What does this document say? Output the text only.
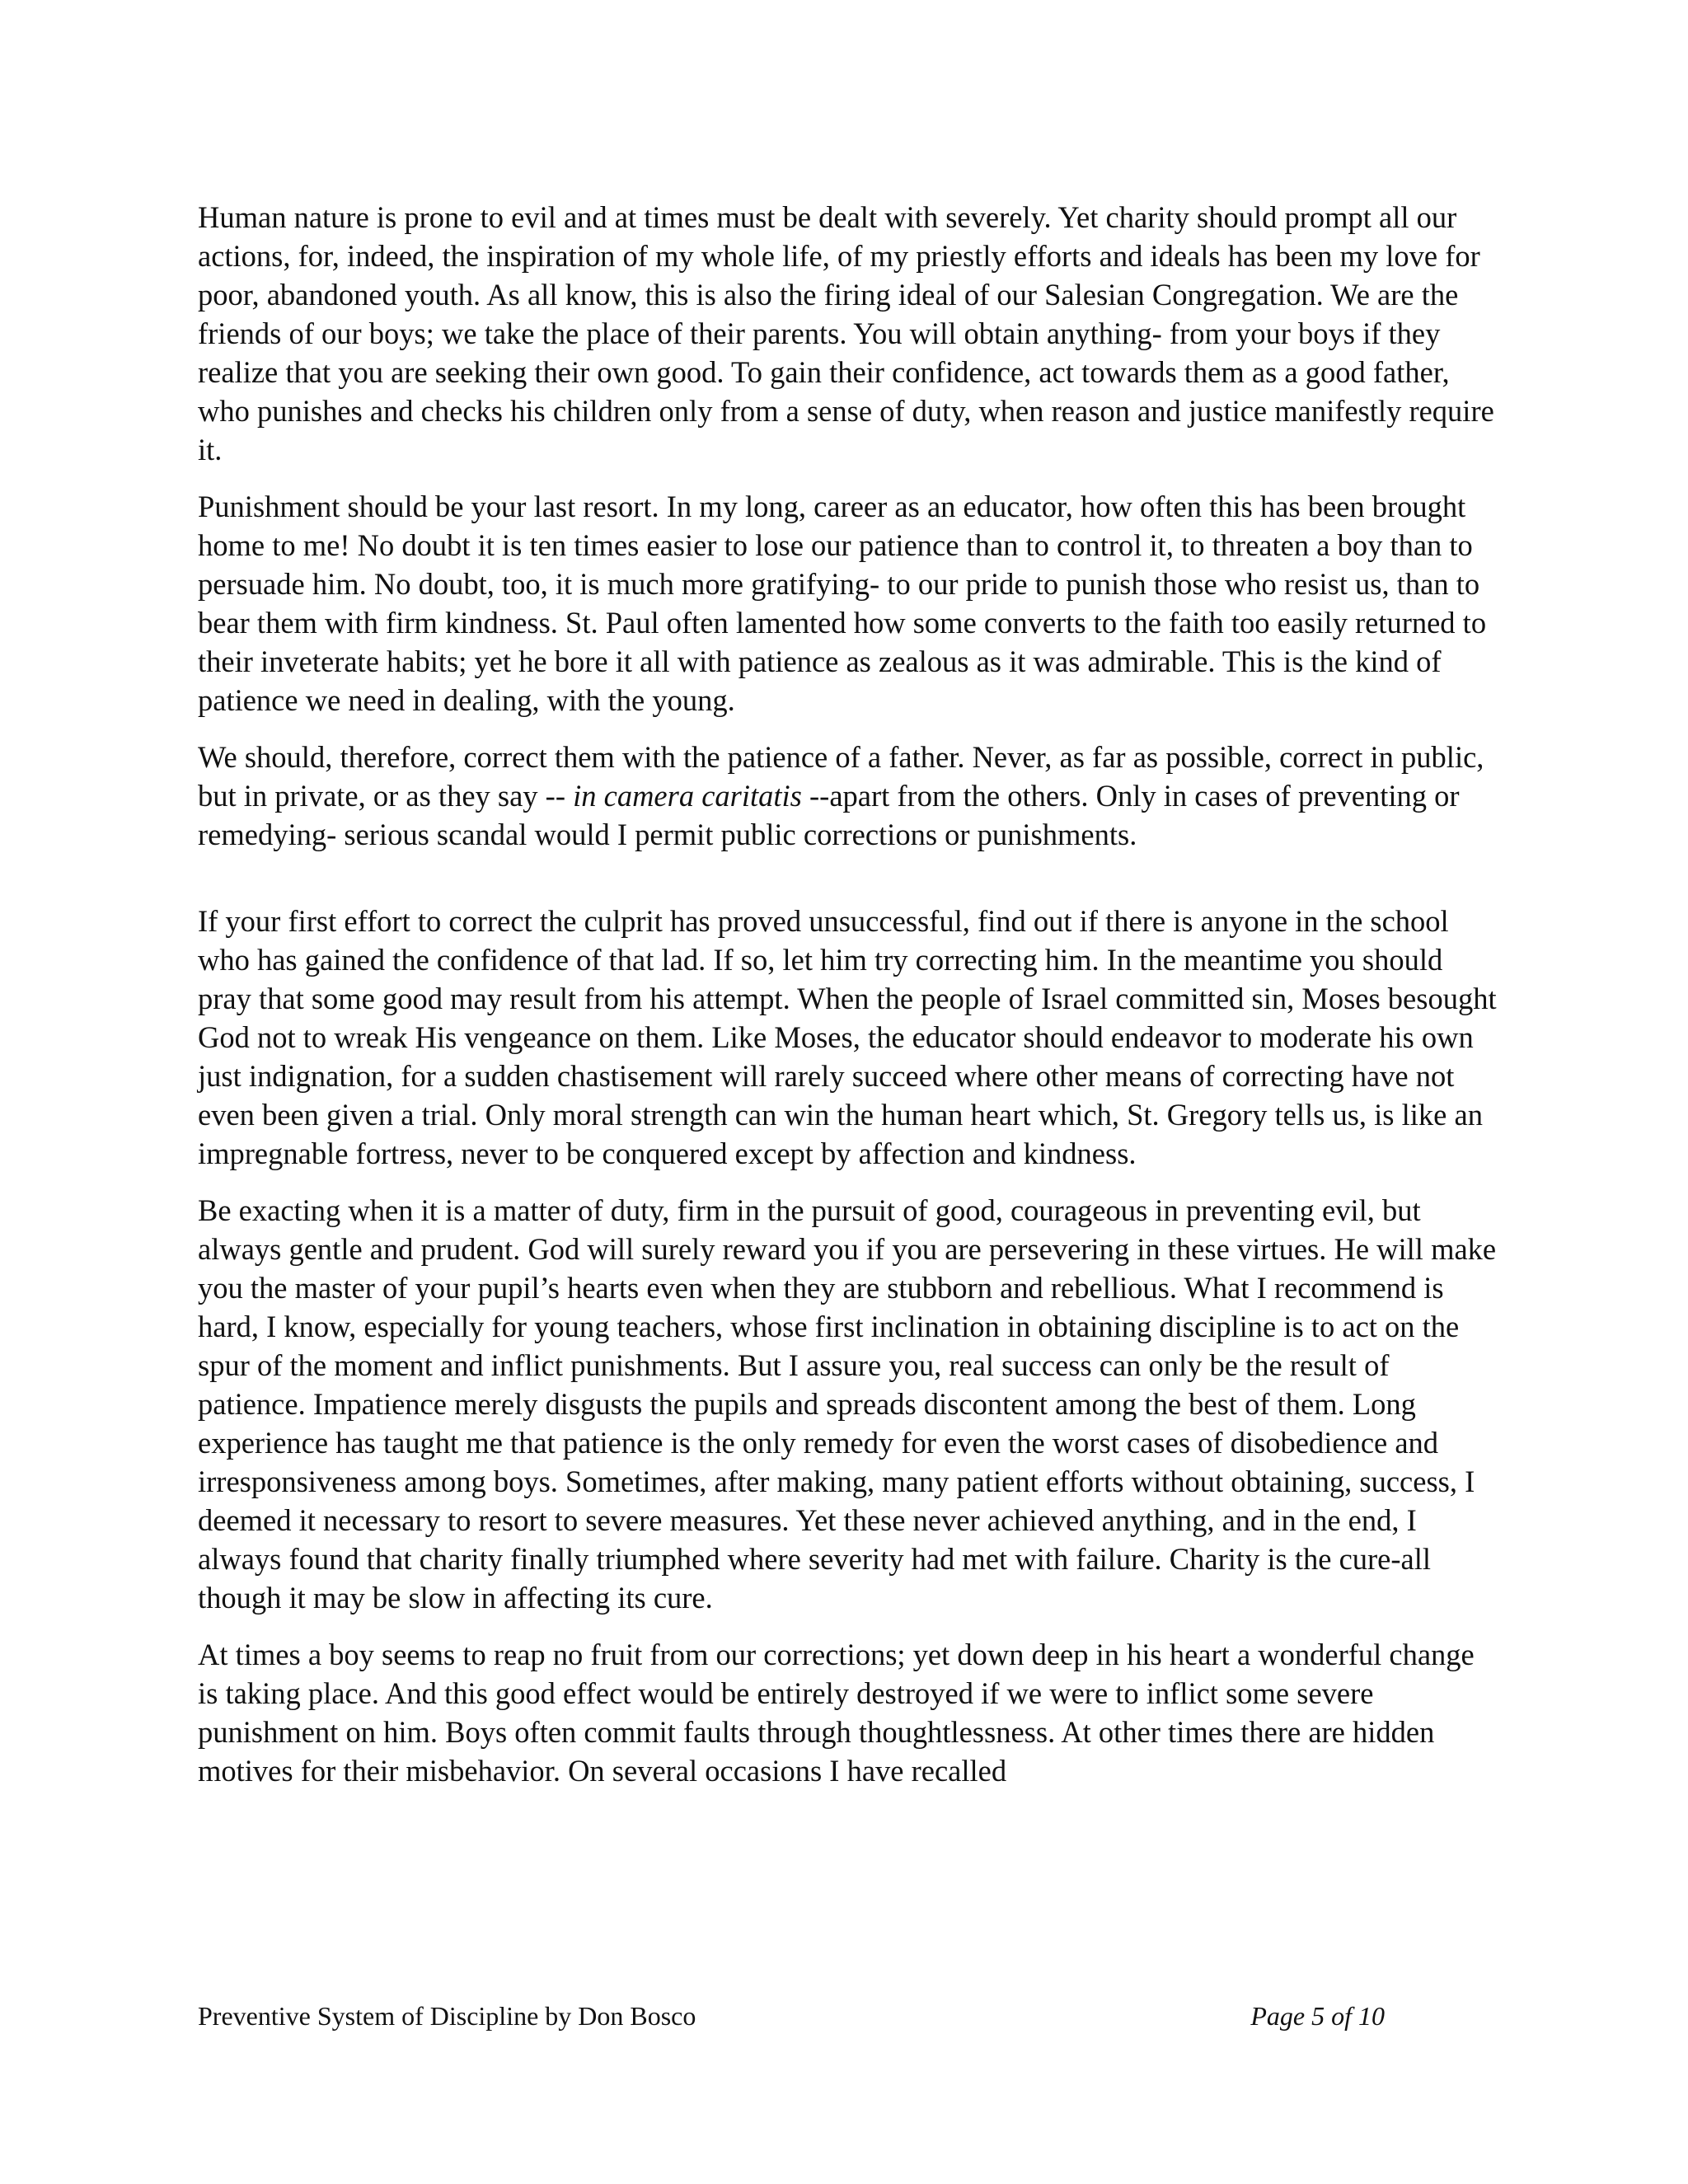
Human nature is prone to evil and at times must be dealt with severely. Yet charity should prompt all our actions, for, indeed, the inspiration of my whole life, of my priestly efforts and ideals has been my love for poor, abandoned youth. As all know, this is also the firing ideal of our Salesian Congregation. We are the friends of our boys; we take the place of their parents. You will obtain anything- from your boys if they realize that you are seeking their own good. To gain their confidence, act towards them as a good father, who punishes and checks his children only from a sense of duty, when reason and justice manifestly require it.

Punishment should be your last resort. In my long, career as an educator, how often this has been brought home to me! No doubt it is ten times easier to lose our patience than to control it, to threaten a boy than to persuade him. No doubt, too, it is much more gratifying- to our pride to punish those who resist us, than to bear them with firm kindness. St. Paul often lamented how some converts to the faith too easily returned to their inveterate habits; yet he bore it all with patience as zealous as it was admirable. This is the kind of patience we need in dealing, with the young.

We should, therefore, correct them with the patience of a father. Never, as far as possible, correct in public, but in private, or as they say -- in camera caritatis --apart from the others. Only in cases of preventing or remedying- serious scandal would I permit public corrections or punishments.

If your first effort to correct the culprit has proved unsuccessful, find out if there is anyone in the school who has gained the confidence of that lad. If so, let him try correcting him. In the meantime you should pray that some good may result from his attempt. When the people of Israel committed sin, Moses besought God not to wreak His vengeance on them. Like Moses, the educator should endeavor to moderate his own just indignation, for a sudden chastisement will rarely succeed where other means of correcting have not even been given a trial. Only moral strength can win the human heart which, St. Gregory tells us, is like an impregnable fortress, never to be conquered except by affection and kindness.

Be exacting when it is a matter of duty, firm in the pursuit of good, courageous in preventing evil, but always gentle and prudent. God will surely reward you if you are persevering in these virtues. He will make you the master of your pupil’s hearts even when they are stubborn and rebellious. What I recommend is hard, I know, especially for young teachers, whose first inclination in obtaining discipline is to act on the spur of the moment and inflict punishments. But I assure you, real success can only be the result of patience. Impatience merely disgusts the pupils and spreads discontent among the best of them. Long experience has taught me that patience is the only remedy for even the worst cases of disobedience and irresponsiveness among boys. Sometimes, after making, many patient efforts without obtaining, success, I deemed it necessary to resort to severe measures. Yet these never achieved anything, and in the end, I always found that charity finally triumphed where severity had met with failure. Charity is the cure-all though it may be slow in affecting its cure.

At times a boy seems to reap no fruit from our corrections; yet down deep in his heart a wonderful change is taking place. And this good effect would be entirely destroyed if we were to inflict some severe punishment on him. Boys often commit faults through thoughtlessness. At other times there are hidden motives for their misbehavior. On several occasions I have recalled

Preventive System of Discipline by Don Bosco	Page 5 of 10
